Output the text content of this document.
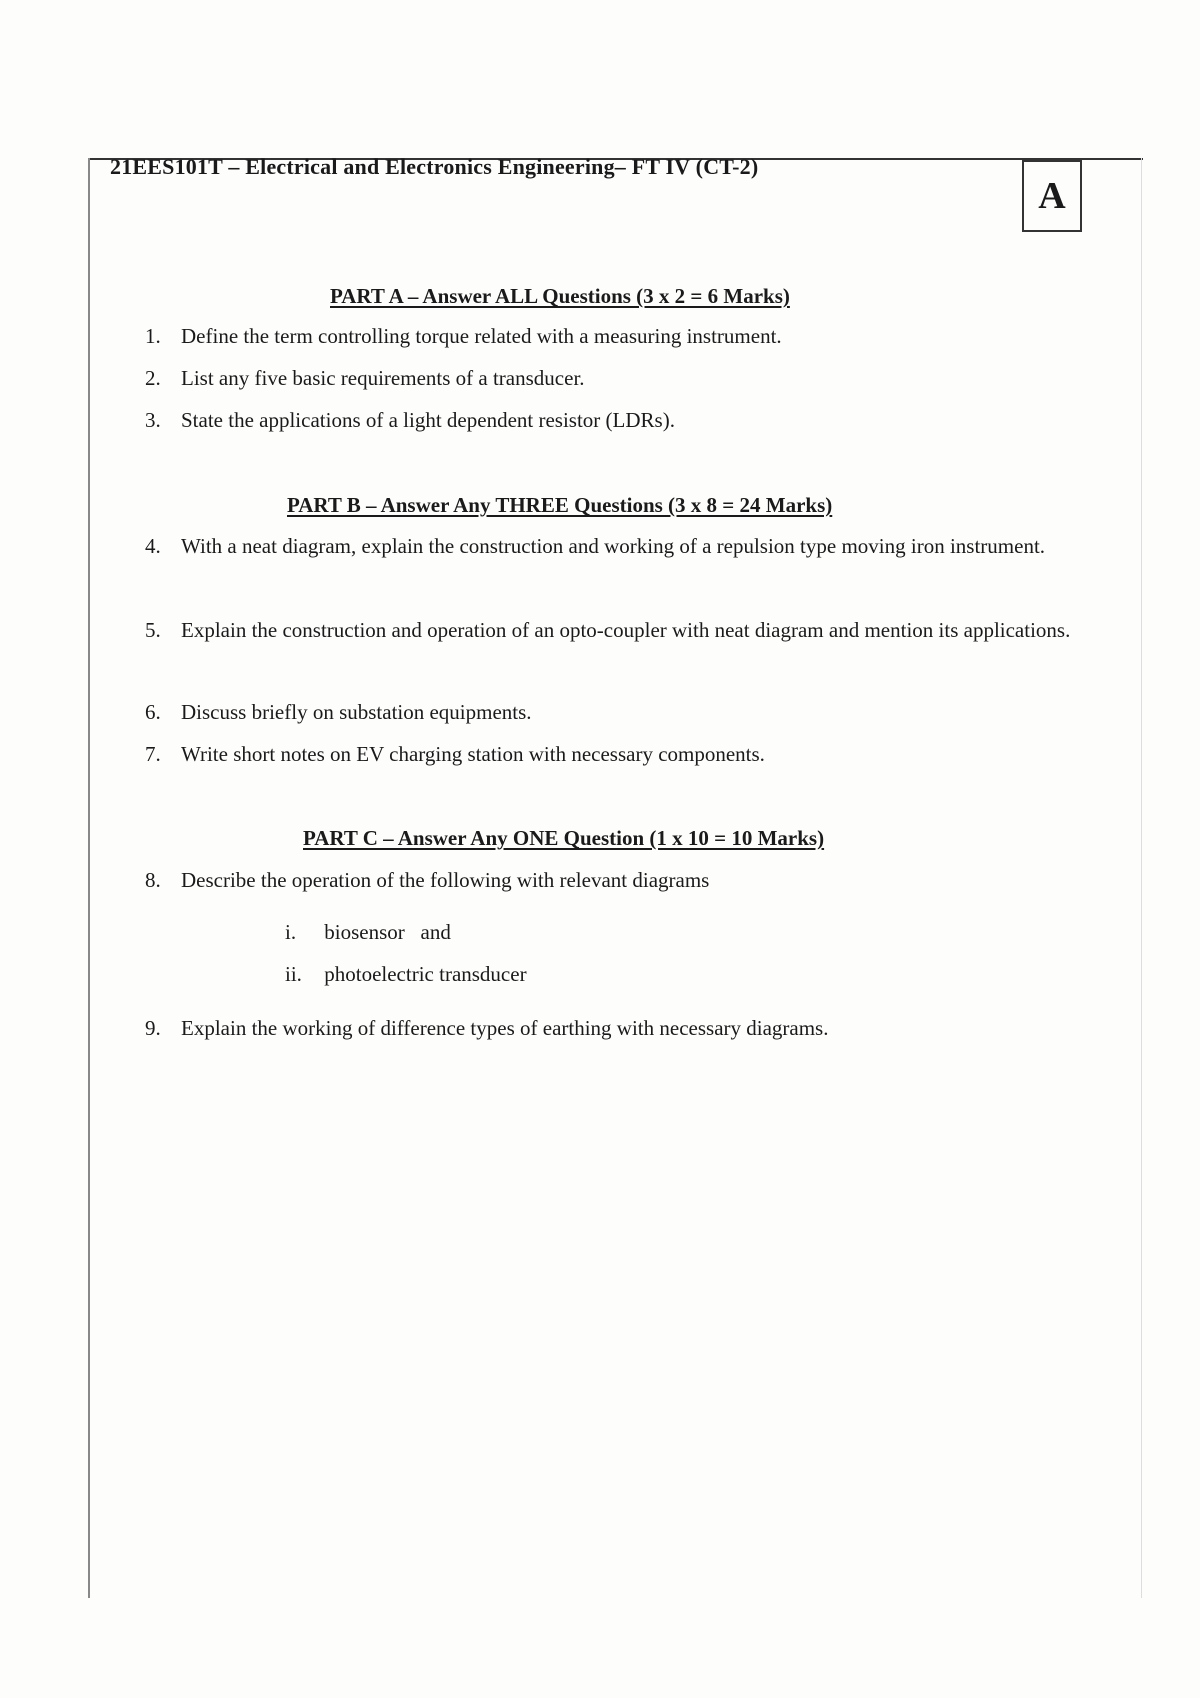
21EES101T – Electrical and Electronics Engineering– FT IV (CT-2)
A
PART A – Answer ALL Questions (3 x 2 = 6 Marks)
1. Define the term controlling torque related with a measuring instrument.
2. List any five basic requirements of a transducer.
3. State the applications of a light dependent resistor (LDRs).
PART B – Answer Any THREE Questions (3 x 8 = 24 Marks)
4. With a neat diagram, explain the construction and working of a repulsion type moving iron instrument.
5. Explain the construction and operation of an opto-coupler with neat diagram and mention its applications.
6. Discuss briefly on substation equipments.
7. Write short notes on EV charging station with necessary components.
PART C – Answer Any ONE Question (1 x 10 = 10 Marks)
8. Describe the operation of the following with relevant diagrams
i. biosensor   and
ii. photoelectric transducer
9. Explain the working of difference types of earthing with necessary diagrams.
